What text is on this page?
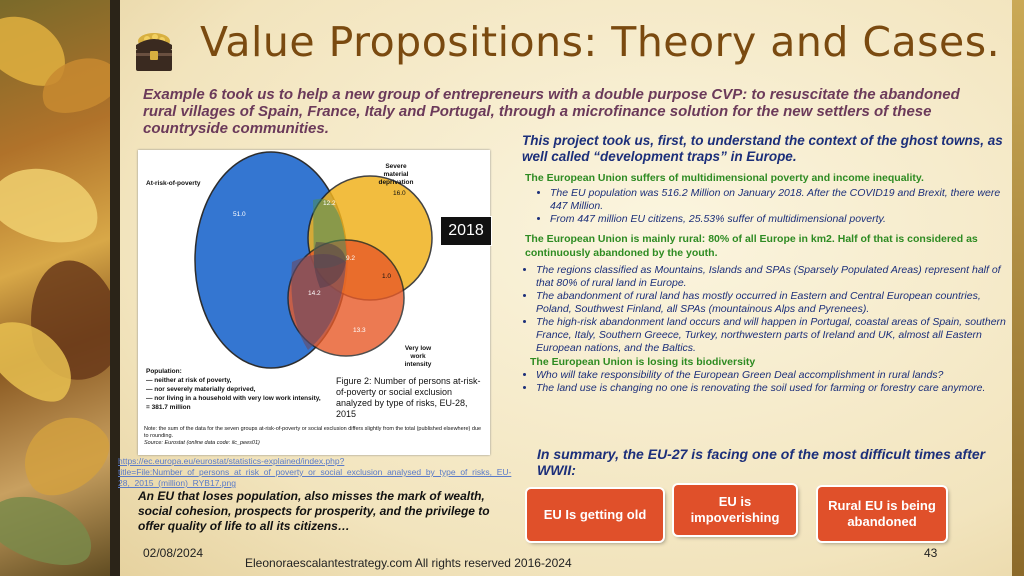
Value Propositions: Theory and Cases.
Example 6 took us to help a new group of entrepreneurs with a double purpose CVP: to resuscitate the abandoned rural villages of Spain, France, Italy and Portugal, through a microfinance solution for the new settlers of these countryside communities.
At-risk-of-poverty
Severe material deprivation
Very low work intensity
51.0
16.0
13.3
12.2
14.2
1.0
9.2
Population:
— neither at risk of poverty,
— nor severely materially deprived,
— nor living in a household with very low work intensity,
= 381.7 million
Figure 2: Number of persons at-risk-of-poverty or social exclusion analyzed by type of risks, EU-28, 2015
Note: the sum of the data for the seven groups at-risk-of-poverty or social exclusion differs slightly from the total (published elsewhere) due to rounding.
Source: Eurostat (online data code: ilc_pees01)
2018
https://ec.europa.eu/eurostat/statistics-explained/index.php?title=File:Number_of_persons_at_risk_of_poverty_or_social_exclusion_analysed_by_type_of_risks,_EU-28,_2015_(million)_RYB17.png

This project took us, first, to understand the context of the ghost towns, as well called “development traps” in Europe.

The European Union suffers of multidimensional poverty and income inequality.

• The EU population was 516.2 Million on January 2018. After the COVID19 and Brexit, there were 447 Million.
• From 447 million EU citizens, 25.53% suffer of multidimensional poverty.

The European Union is mainly rural: 80% of all Europe in km2. Half of that is considered as continuously abandoned by the youth.

• The regions classified as Mountains, Islands and SPAs (Sparsely Populated Areas) represent half of that 80% of rural land in Europe.
• The abandonment of rural land has mostly occurred in Eastern and Central European countries, Poland, Southwest Finland, all SPAs (mountainous Alps and Pyrenees).
• The high-risk abandonment land occurs and will happen in Portugal, coastal areas of Spain, southern France, Italy, Southern Greece, Turkey, northwestern parts of Ireland and UK, almost all Eastern European nations, and the Baltics.

The European Union is losing its biodiversity

• Who will take responsibility of the European Green Deal accomplishment in rural lands?
• The land use is changing no one is renovating the soil used for farming or forestry care anymore.
In summary, the EU-27 is facing one of the most difficult times after WWII:
EU Is getting old
EU is impoverishing
Rural EU is being abandoned
An EU that loses population, also misses the mark of wealth, social cohesion, prospects for prosperity, and the privilege to offer quality of life to all its citizens…
02/08/2024
Eleonoraescalantestrategy.com All rights reserved 2016-2024
43
